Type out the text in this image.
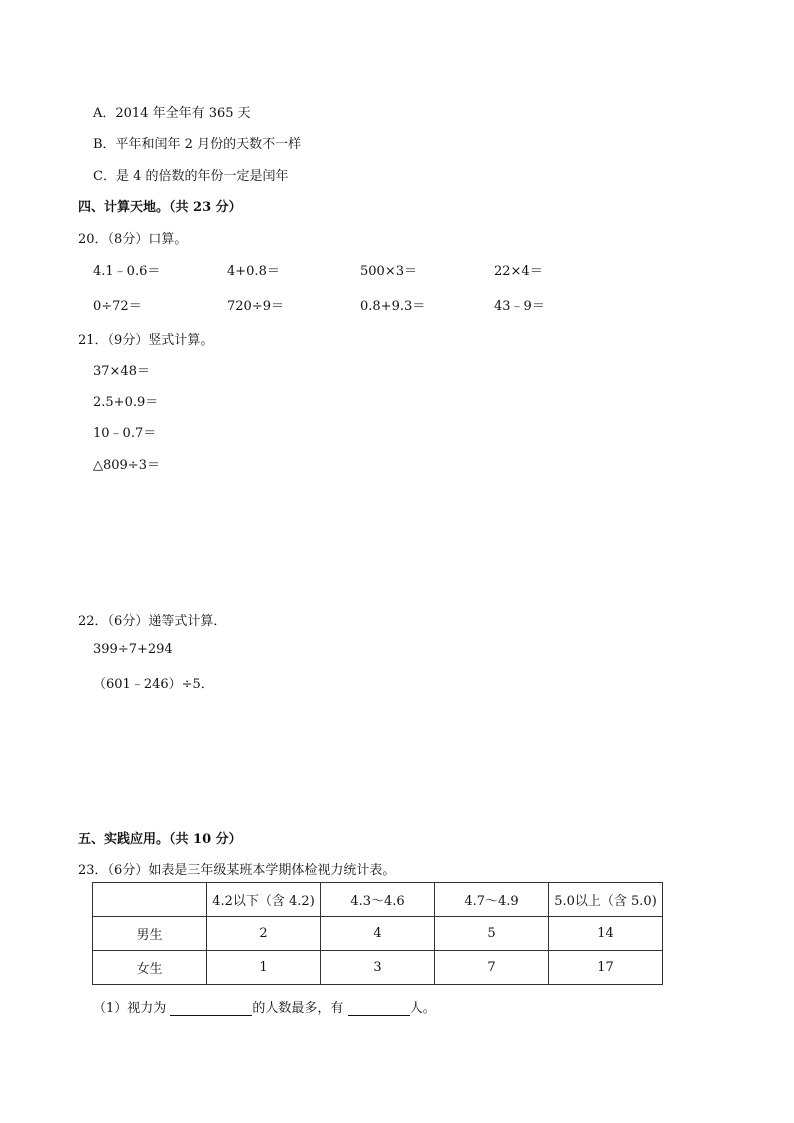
A．2014 年全年有 365 天
B．平年和闰年 2 月份的天数不一样
C．是 4 的倍数的年份一定是闰年
四、计算天地。（共 23 分）
20．（8分）口算。
4.1﹣0.6＝	4+0.8＝	500×3＝	22×4＝
0÷72＝	720÷9＝	0.8+9.3＝	43﹣9＝
21．（9分）竖式计算。
37×48＝
2.5+0.9＝
10﹣0.7＝
△809÷3＝
22．（6分）递等式计算．
399÷7+294
（601﹣246）÷5．
五、实践应用。（共 10 分）
23．（6分）如表是三年级某班本学期体检视力统计表。
	4.2以下（含 4.2)	4.3～4.6	4.7～4.9	5.0以上（含 5.0)
男生	2	4	5	14
女生	1	3	7	17
（1）视力为	的人数最多，有	人。
